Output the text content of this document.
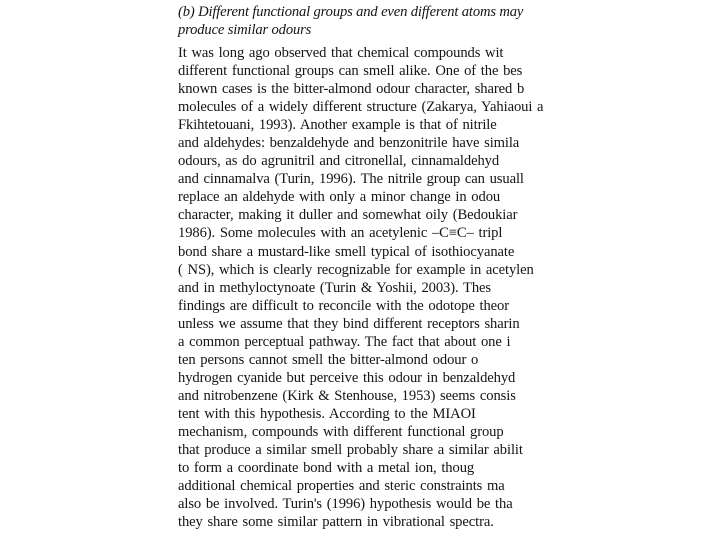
(b) Different functional groups and even different atoms may
produce similar odours
It was long ago observed that chemical compounds wit
different functional groups can smell alike. One of the bes
known cases is the bitter-almond odour character, shared b
molecules of a widely different structure (Zakarya, Yahiaoui a
Fkihtetouani, 1993). Another example is that of nitrile
and aldehydes: benzaldehyde and benzonitrile have simila
odours, as do agrunitril and citronellal, cinnamaldehyd
and cinnamalva (Turin, 1996). The nitrile group can usuall
replace an aldehyde with only a minor change in odou
character, making it duller and somewhat oily (Bedoukiar
1986). Some molecules with an acetylenic –C≡C– tripl
bond share a mustard-like smell typical of isothiocyanate
( NS), which is clearly recognizable for example in acetylen
and in methyloctynoate (Turin & Yoshii, 2003). Thes
findings are difficult to reconcile with the odotope theor
unless we assume that they bind different receptors sharin
a common perceptual pathway. The fact that about one i
ten persons cannot smell the bitter-almond odour o
hydrogen cyanide but perceive this odour in benzaldehyd
and nitrobenzene (Kirk & Stenhouse, 1953) seems consis
tent with this hypothesis. According to the MIAOI
mechanism, compounds with different functional group
that produce a similar smell probably share a similar abilit
to form a coordinate bond with a metal ion, thoug
additional chemical properties and steric constraints ma
also be involved. Turin's (1996) hypothesis would be tha
they share some similar pattern in vibrational spectra.
